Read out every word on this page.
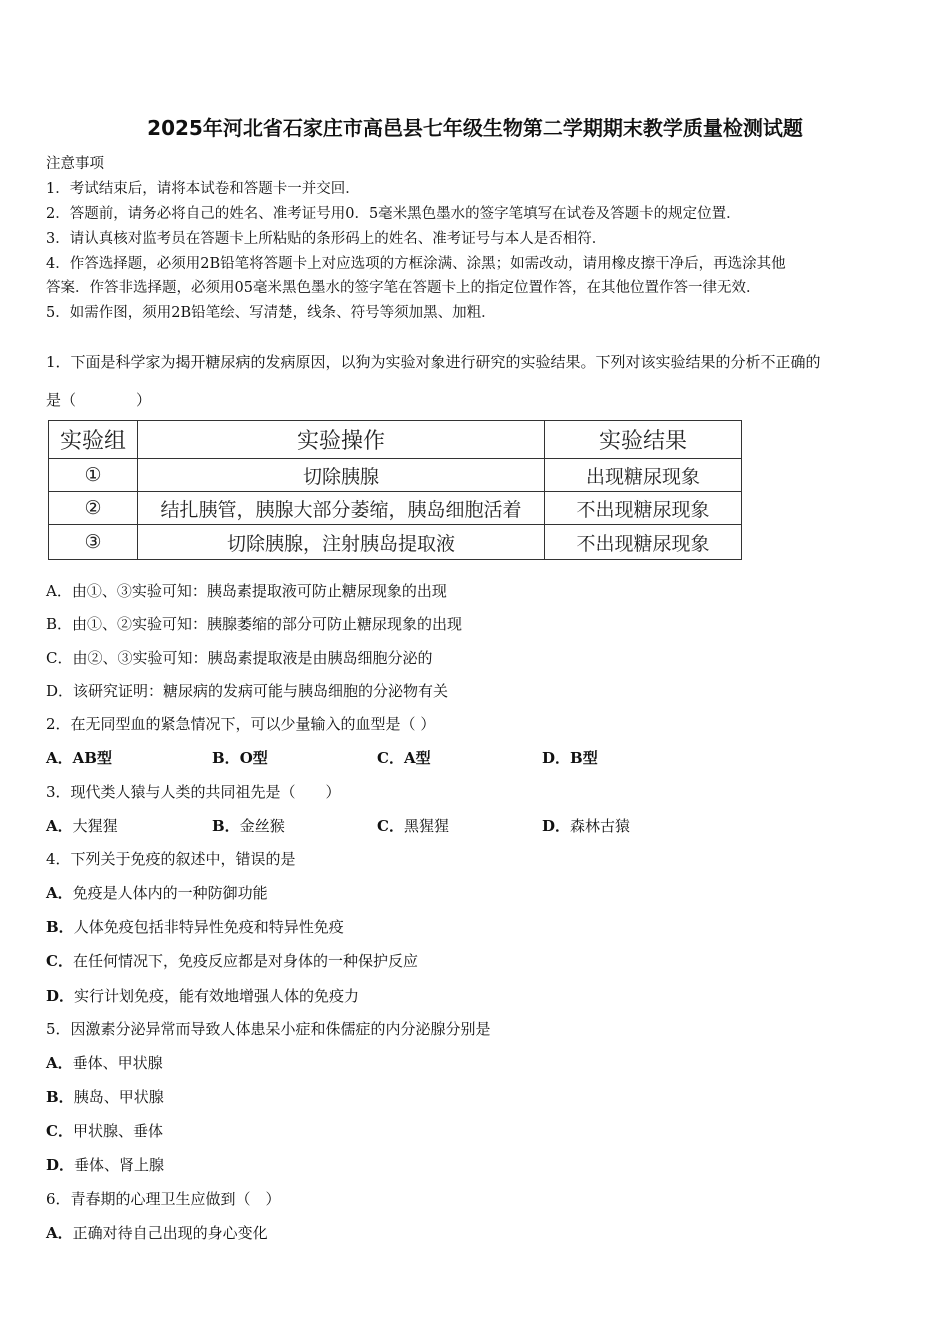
2025年河北省石家庄市高邑县七年级生物第二学期期末教学质量检测试题
注意事项
1．考试结束后，请将本试卷和答题卡一并交回．
2．答题前，请务必将自己的姓名、准考证号用0．5毫米黑色墨水的签字笔填写在试卷及答题卡的规定位置．
3．请认真核对监考员在答题卡上所粘贴的条形码上的姓名、准考证号与本人是否相符．
4．作答选择题，必须用2B铅笔将答题卡上对应选项的方框涂满、涂黑；如需改动，请用橡皮擦干净后，再选涂其他
答案．作答非选择题，必须用05毫米黑色墨水的签字笔在答题卡上的指定位置作答，在其他位置作答一律无效．
5．如需作图，须用2B铅笔绘、写清楚，线条、符号等须加黑、加粗．
1．下面是科学家为揭开糖尿病的发病原因，以狗为实验对象进行研究的实验结果。下列对该实验结果的分析不正确的
是（　　　　）
实验组	实验操作	实验结果
①	切除胰腺	出现糖尿现象
②	结扎胰管，胰腺大部分萎缩，胰岛细胞活着	不出现糖尿现象
③	切除胰腺，注射胰岛提取液	不出现糖尿现象
A．由①、③实验可知：胰岛素提取液可防止糖尿现象的出现
B．由①、②实验可知：胰腺萎缩的部分可防止糖尿现象的出现
C．由②、③实验可知：胰岛素提取液是由胰岛细胞分泌的
D．该研究证明：糖尿病的发病可能与胰岛细胞的分泌物有关
2．在无同型血的紧急情况下，可以少量输入的血型是（ ）
A．AB型	B．O型	C．A型	D．B型
3．现代类人猿与人类的共同祖先是（　　）
A．大猩猩	B．金丝猴	C．黑猩猩	D．森林古猿
4．下列关于免疫的叙述中，错误的是
A．免疫是人体内的一种防御功能
B．人体免疫包括非特异性免疫和特异性免疫
C．在任何情况下，免疫反应都是对身体的一种保护反应
D．实行计划免疫，能有效地增强人体的免疫力
5．因激素分泌异常而导致人体患呆小症和侏儒症的内分泌腺分别是
A．垂体、甲状腺
B．胰岛、甲状腺
C．甲状腺、垂体
D．垂体、肾上腺
6．青春期的心理卫生应做到（　）
A．正确对待自己出现的身心变化
